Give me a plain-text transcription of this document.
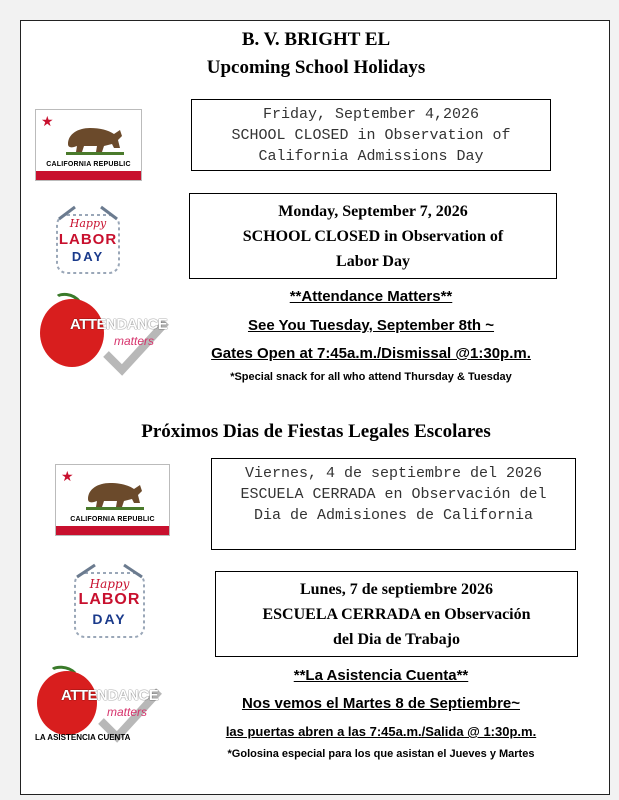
B. V. BRIGHT EL
Upcoming School Holidays
★
CALIFORNIA REPUBLIC
Friday, September 4,2026
SCHOOL CLOSED in Observation of
California Admissions Day
Happy
LABOR
DAY
Monday, September 7, 2026
SCHOOL CLOSED in Observation of
Labor Day
ATTENDANCE
matters
**Attendance Matters**
See You Tuesday, September 8th ~
Gates Open at 7:45a.m./Dismissal @1:30p.m.
*Special snack for all who attend Thursday & Tuesday
Próximos Dias de Fiestas Legales Escolares
★
CALIFORNIA REPUBLIC
Viernes, 4 de septiembre del 2026
ESCUELA CERRADA en Observación del
Dia de Admisiones de California
Happy
LABOR
DAY
Lunes, 7 de septiembre 2026
ESCUELA CERRADA en Observación
del Dia de Trabajo
ATTENDANCE
matters
LA ASISTENCIA CUENTA
**La Asistencia Cuenta**
Nos vemos el Martes 8 de Septiembre~
las puertas abren a las 7:45a.m./Salida @ 1:30p.m.
*Golosina especial para los que asistan el Jueves y Martes
